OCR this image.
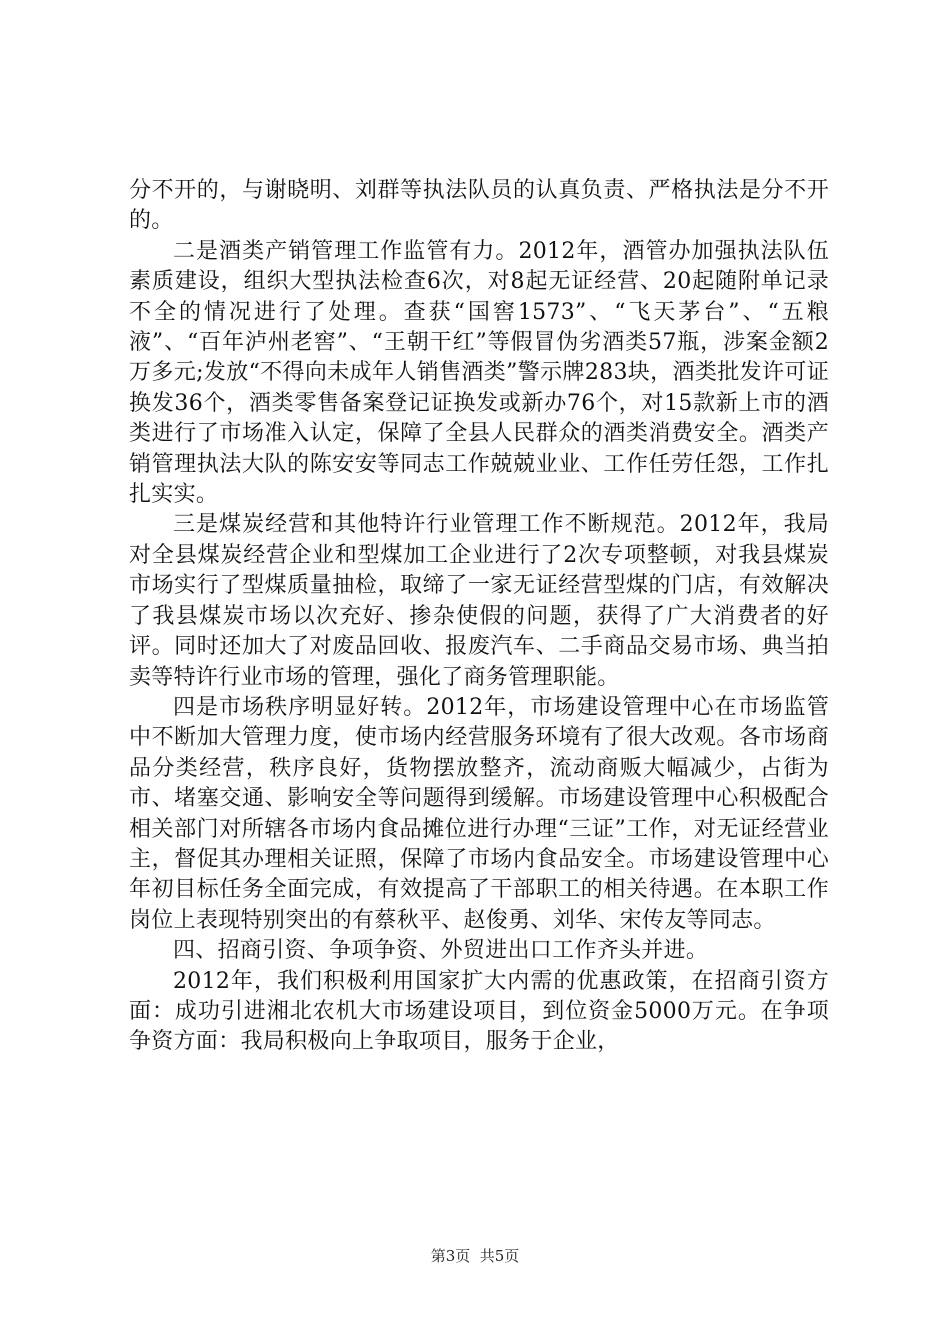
分不开的，与谢晓明、刘群等执法队员的认真负责、严格执法是分不开的。

二是酒类产销管理工作监管有力。2012年，酒管办加强执法队伍素质建设，组织大型执法检查6次，对8起无证经营、20起随附单记录不全的情况进行了处理。查获“国窖1573”、“飞天茅台”、“五粮液”、“百年泸州老窖”、“王朝干红”等假冒伪劣酒类57瓶，涉案金额2万多元;发放“不得向未成年人销售酒类”警示牌283块，酒类批发许可证换发36个，酒类零售备案登记证换发或新办76个，对15款新上市的酒类进行了市场准入认定，保障了全县人民群众的酒类消费安全。酒类产销管理执法大队的陈安安等同志工作兢兢业业、工作任劳任怨，工作扎扎实实。

三是煤炭经营和其他特许行业管理工作不断规范。2012年，我局对全县煤炭经营企业和型煤加工企业进行了2次专项整顿，对我县煤炭市场实行了型煤质量抽检，取缔了一家无证经营型煤的门店，有效解决了我县煤炭市场以次充好、掺杂使假的问题，获得了广大消费者的好评。同时还加大了对废品回收、报废汽车、二手商品交易市场、典当拍卖等特许行业市场的管理，强化了商务管理职能。

四是市场秩序明显好转。2012年，市场建设管理中心在市场监管中不断加大管理力度，使市场内经营服务环境有了很大改观。各市场商品分类经营，秩序良好，货物摆放整齐，流动商贩大幅减少，占街为市、堵塞交通、影响安全等问题得到缓解。市场建设管理中心积极配合相关部门对所辖各市场内食品摊位进行办理“三证”工作，对无证经营业主，督促其办理相关证照，保障了市场内食品安全。市场建设管理中心年初目标任务全面完成，有效提高了干部职工的相关待遇。在本职工作岗位上表现特别突出的有蔡秋平、赵俊勇、刘华、宋传友等同志。

四、招商引资、争项争资、外贸进出口工作齐头并进。

2012年，我们积极利用国家扩大内需的优惠政策，在招商引资方面：成功引进湘北农机大市场建设项目，到位资金5000万元。在争项争资方面：我局积极向上争取项目，服务于企业，

第3页  共5页
